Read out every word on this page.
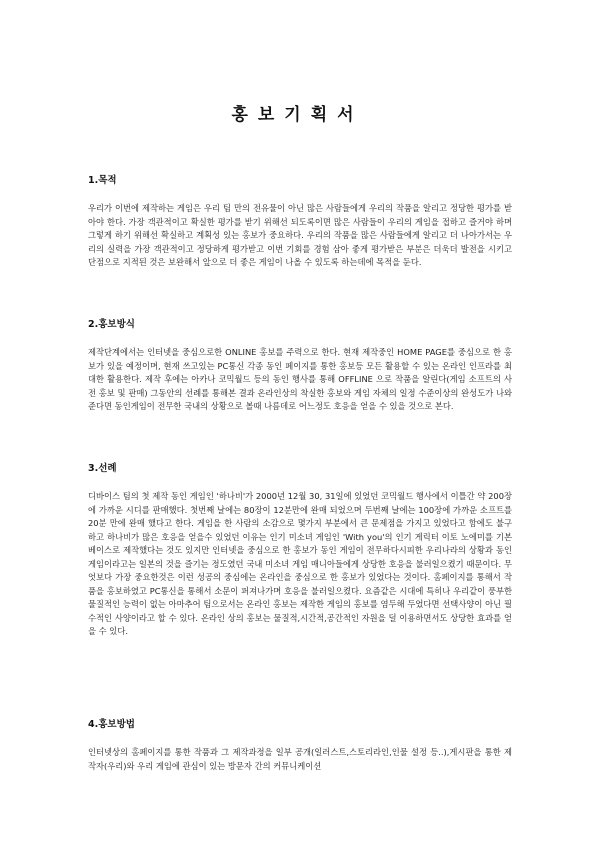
홍보기획서

1.목적

우리가 이번에 제작하는 게임은 우리 팀 만의 전유물이 아닌 많은 사람들에게 우리의 작품을 알리고 정당한 평가를 받아야 한다. 가장 객관적이고 확실한 평가를 받기 위해선 되도록이면 많은 사람들이 우리의 게임을 접하고 즐거야 하며 그렇게 하기 위해선 확실하고 계획성 있는 홍보가 중요하다. 우리의 작품을 많은 사람들에게 알리고 더 나아가서는 우리의 실력을 가장 객관적이고 정당하게 평가받고 이번 기회를 경험 삼아 좋게 평가받은 부분은 더욱더 발전을 시키고 단점으로 지적된 것은 보완해서 앞으로 더 좋은 게임이 나올 수 있도록 하는데에 목적을 둔다.

2.홍보방식

제작단계에서는 인터넷을 중심으로한 ONLINE 홍보를 주력으로 한다. 현재 제작중인 HOME PAGE를 중심으로 한 홍보가 있을 예정이며, 현재 쓰고있는 PC통신 각종 동인 페이지를 통한 홍보등 모든 활용할 수 있는 온라인 인프라를 최대한 활용한다. 제작 후에는 아카나 코믹월드 등의 동인 행사를 통해 OFFLINE 으로 작품을 알린다(게임 소프트의 사전 홍보 및 판매) 그동안의 선례를 통해본 결과 온라인상의 착실한 홍보와 게임 자체의 일정 수준이상의 완성도가 나와준다면 동인게임이 전무한 국내의 상황으로 볼때 나름데로 어느정도 호응을 얻을 수 있을 것으로 본다.

3.선례

디바이스 팀의 첫 제작 동인 게임인 '하나비'가 2000년 12월 30, 31일에 있었던 코믹월드 행사에서 이틀간 약 200장에 가까운 시디를 판매했다. 첫번째 날에는 80장이 12분만에 완매 되었으며 두번째 날에는 100장에 가까운 소프트를 20분 만에 완매 했다고 한다. 게임을 한 사람의 소감으로 몇가지 부분에서 큰 문제점을 가지고 있었다고 함에도 불구하고 하나비가 많은 호응을 얻을수 있었던 이유는 인기 미소녀 게임인 'With you'의 인기 게릭터 이토 노에미를 기본 베이스로 제작했다는 것도 있지만 인터넷을 중심으로 한 홍보가 동인 게임이 전무하다시피한 우리나라의 상황과 동인게임이라고는 일본의 것을 즐기는 정도였던 국내 미소녀 게임 매니아들에게 상당한 호응을 불러일으켰기 때문이다. 무엇보다 가장 중요한것은 이런 성공의 중심에는 온라인을 중심으로 한 홍보가 있었다는 것이다. 홈페이지를 통해서 작품을 홍보하였고 PC통신을 통해서 소문이 퍼져나가며 호응을 불러일으켰다. 요즘같은 시대에 특히나 우리같이 풍부한 물질적인 능력이 없는 아마추어 팀으로서는 온라인 홍보는 제작한 게임의 홍보를 염두해 두었다면 선택사양이 아닌 필수적인 사양이라고 할 수 있다. 온라인 상의 홍보는 물질적,시간적,공간적인 자원을 덜 이용하면서도 상당한 효과를 얻을 수 있다.

4.홍보방법

인터넷상의 홈페이지를 통한 작품과 그 제작과정을 일부 공개(일러스트,스토리라인,인물 설정 등..),게시판을 통한 제작자(우리)와 우리 게임에 관심이 있는 방문자 간의 커뮤니케이션
